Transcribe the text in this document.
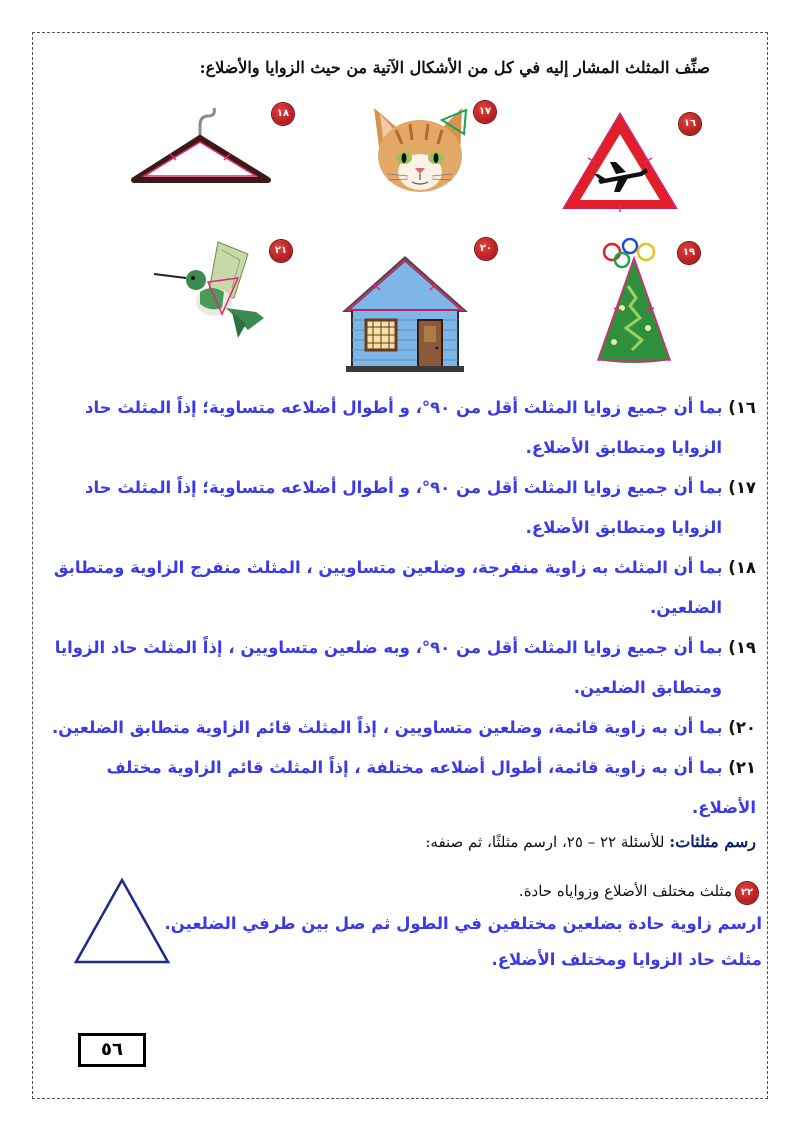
صنِّف المثلث المشار إليه في كل من الأشكال الآتية من حيث الزوايا والأضلاع:
١٦
١٧
١٨
١٩
٢٠
٢١
١٦) بما أن جميع زوايا المثلث أقل من ٩٠°، و أطوال أضلاعه متساوية؛ إذاً المثلث حاد
الزوايا ومتطابق الأضلاع.
١٧) بما أن جميع زوايا المثلث أقل من ٩٠°، و أطوال أضلاعه متساوية؛ إذاً المثلث حاد
الزوايا ومتطابق الأضلاع.
١٨) بما أن المثلث به زاوية منفرجة، وضلعين متساويين ، المثلث منفرج الزاوية ومتطابق
الضلعين.
١٩) بما أن جميع زوايا المثلث أقل من ٩٠°، وبه ضلعين متساويين ، إذاً المثلث حاد الزوايا
ومتطابق الضلعين.
٢٠) بما أن به زاوية قائمة، وضلعين متساويين ، إذاً المثلث قائم الزاوية متطابق الضلعين.
٢١) بما أن به زاوية قائمة، أطوال أضلاعه مختلفة ، إذاً المثلث قائم الزاوية مختلف الأضلاع.
رسم مثلثات: للأسئلة ٢٢ – ٢٥، ارسم مثلثًا، ثم صنفه:
٢٢
مثلث مختلف الأضلاع وزواياه حادة.
ارسم زاوية حادة بضلعين مختلفين في الطول ثم صل بين طرفي الضلعين.
مثلث حاد الزوايا ومختلف الأضلاع.
٥٦
